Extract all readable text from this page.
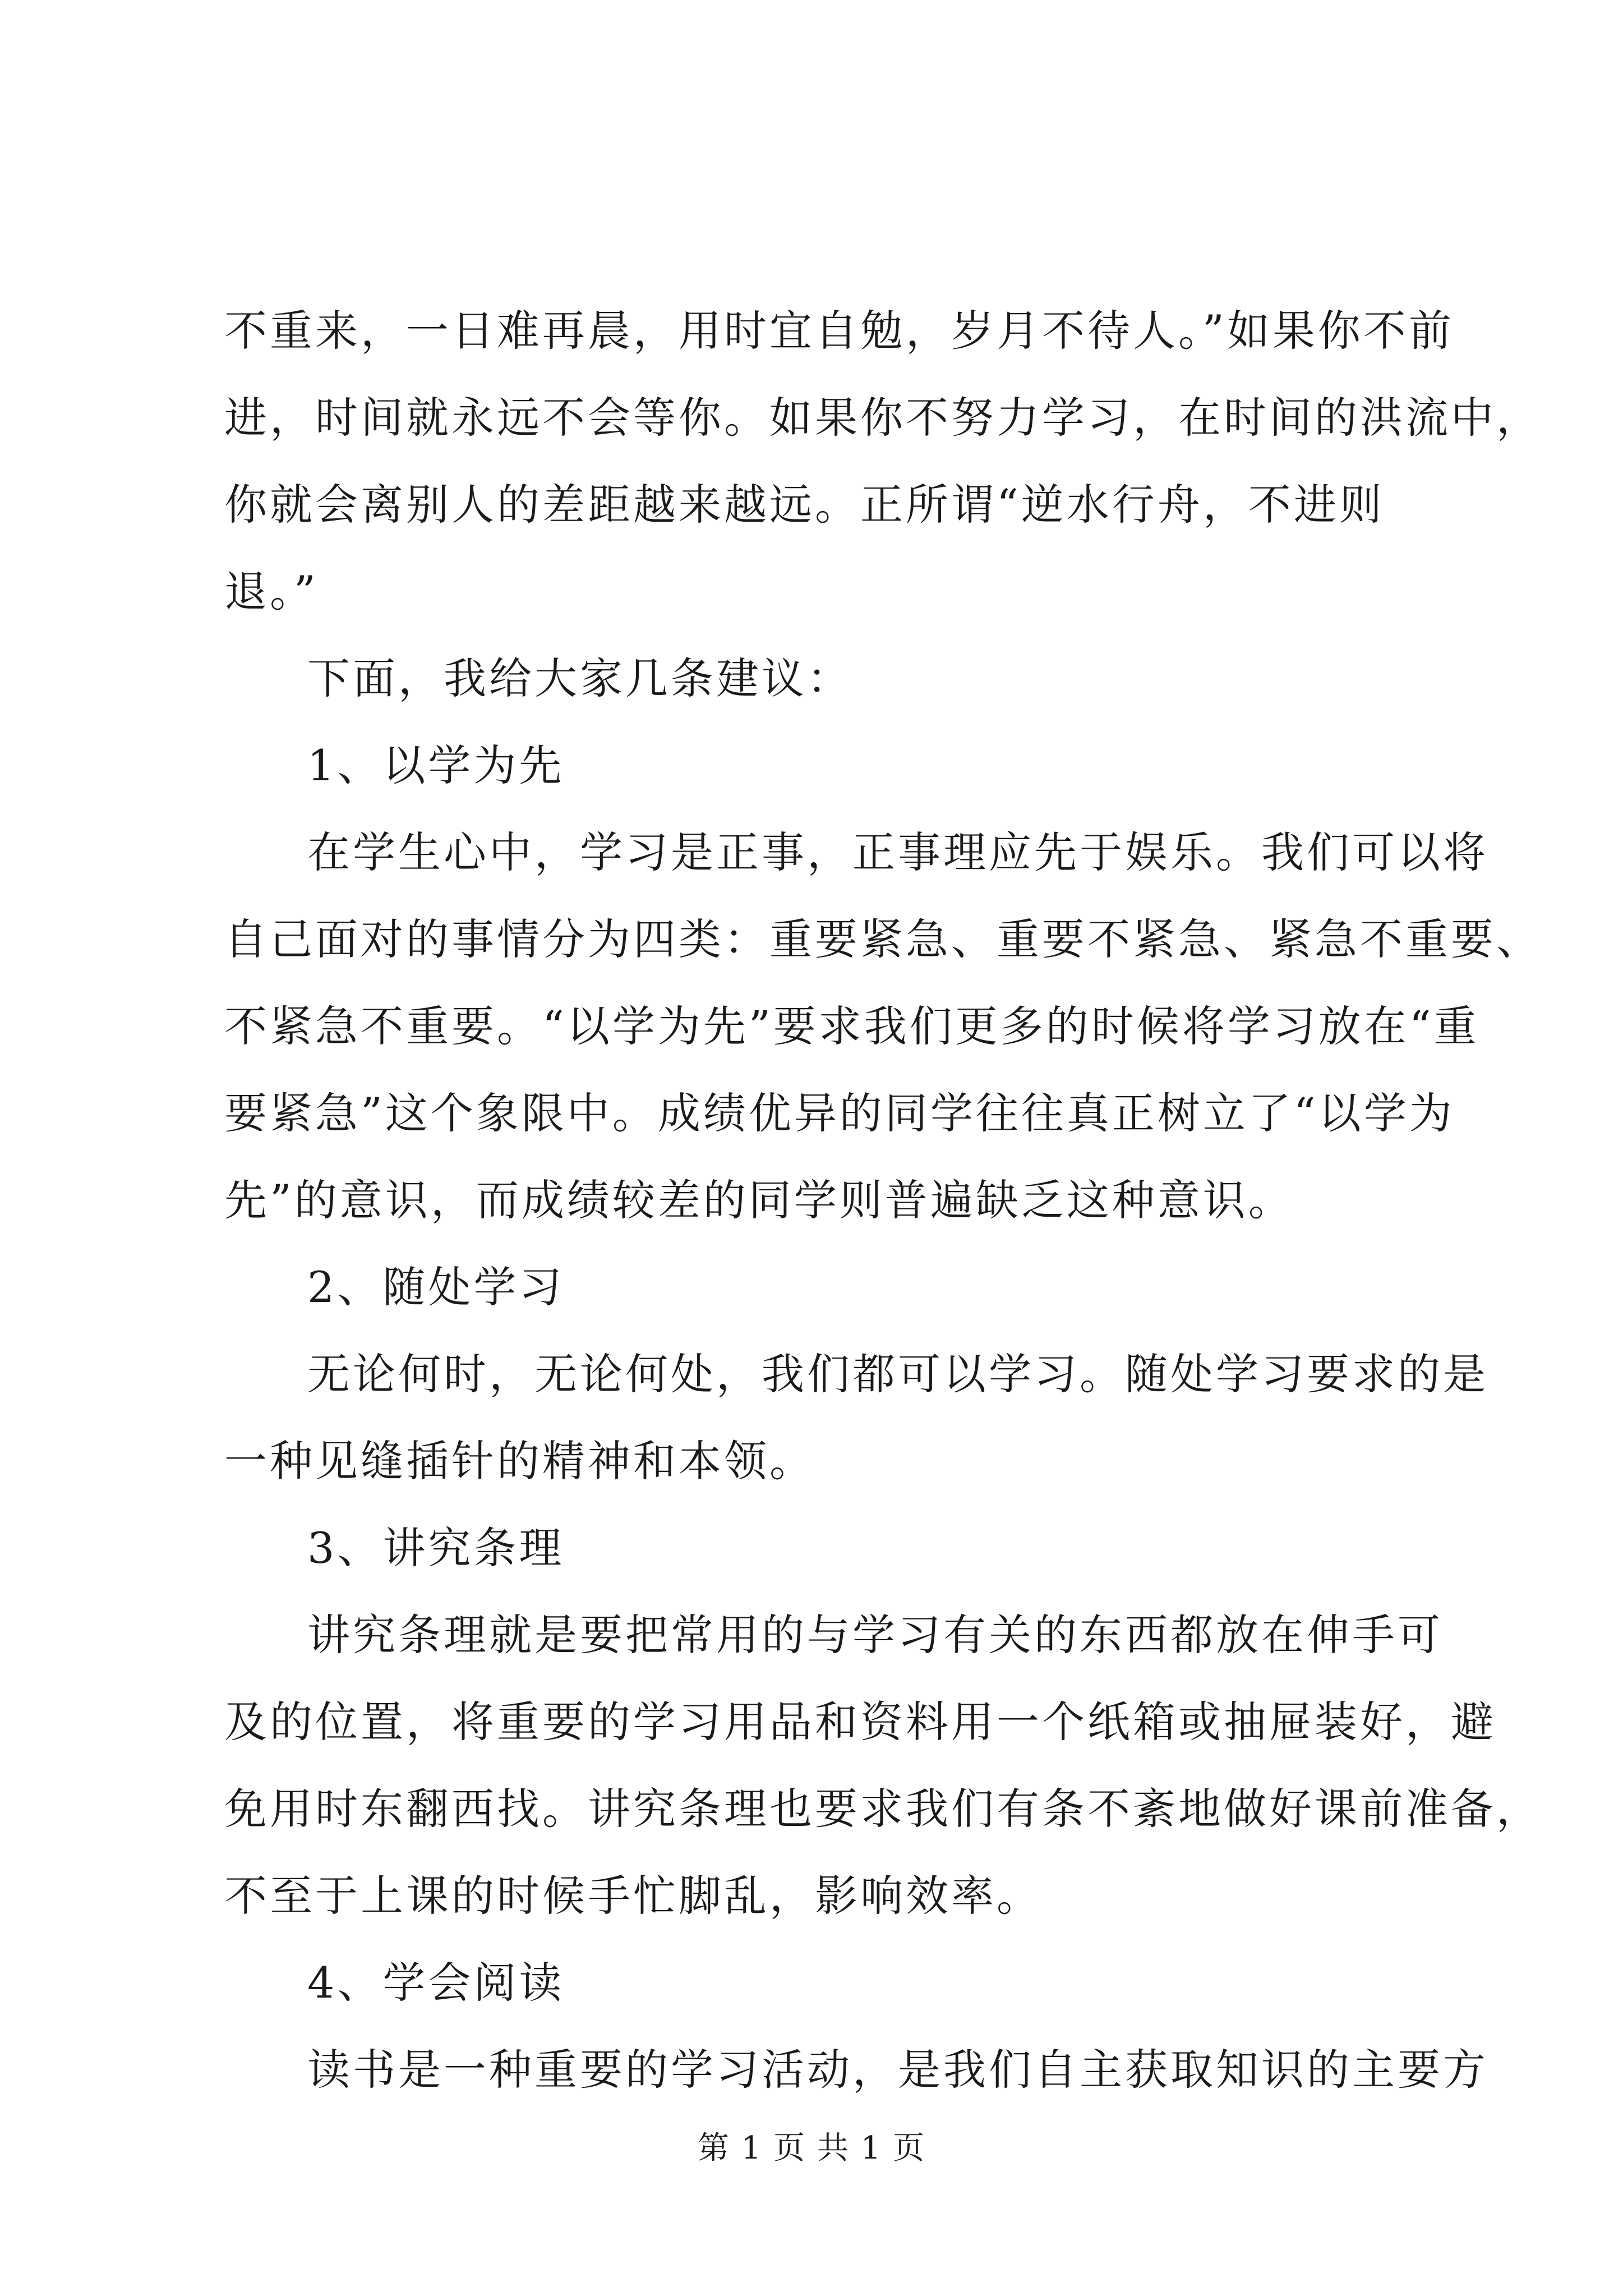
不重来，一日难再晨，用时宜自勉，岁月不待人。”如果你不前
进，时间就永远不会等你。如果你不努力学习，在时间的洪流中，
你就会离别人的差距越来越远。正所谓“逆水行舟，不进则
退。”
下面，我给大家几条建议：
1、以学为先
在学生心中，学习是正事，正事理应先于娱乐。我们可以将
自己面对的事情分为四类：重要紧急、重要不紧急、紧急不重要、
不紧急不重要。“以学为先”要求我们更多的时候将学习放在“重
要紧急”这个象限中。成绩优异的同学往往真正树立了“以学为
先”的意识，而成绩较差的同学则普遍缺乏这种意识。
2、随处学习
无论何时，无论何处，我们都可以学习。随处学习要求的是
一种见缝插针的精神和本领。
3、讲究条理
讲究条理就是要把常用的与学习有关的东西都放在伸手可
及的位置，将重要的学习用品和资料用一个纸箱或抽屉装好，避
免用时东翻西找。讲究条理也要求我们有条不紊地做好课前准备，
不至于上课的时候手忙脚乱，影响效率。
4、学会阅读
读书是一种重要的学习活动，是我们自主获取知识的主要方
第 1 页 共 1 页
